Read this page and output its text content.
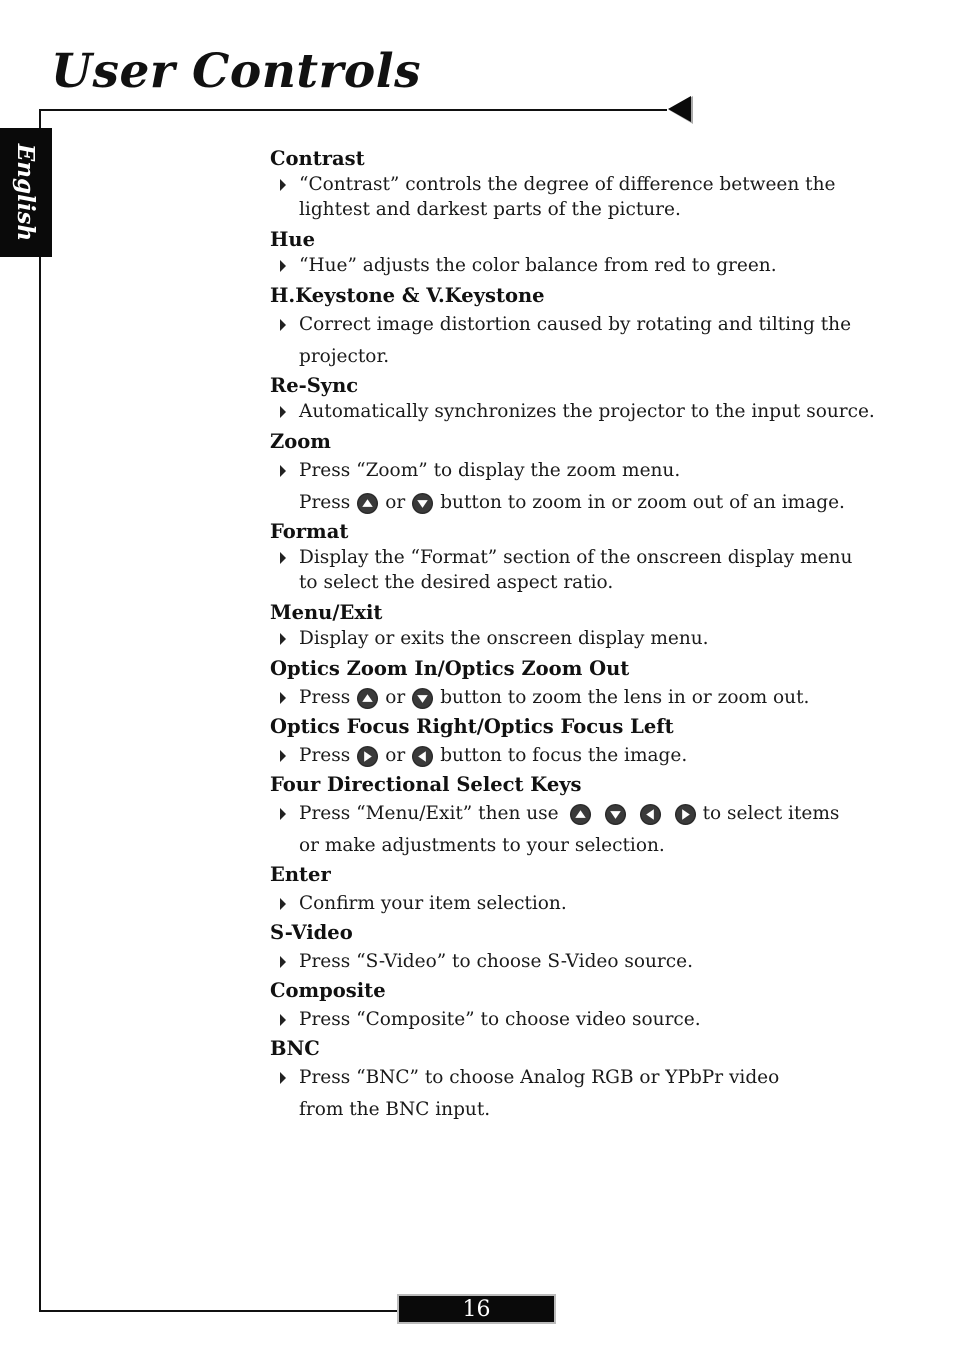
User Controls
English	Contrast
“Contrast” controls the degree of difference between the
lightest and darkest parts of the picture.
Hue
“Hue” adjusts the color balance from red to green.
H.Keystone & V.Keystone
Correct image distortion caused by rotating and tilting the
projector.
Re-Sync
Automatically synchronizes the projector to the input source.
Zoom
Press “Zoom” to display the zoom menu.
Press or button to zoom in or zoom out of an image.
Format
Display the “Format” section of the onscreen display menu
to select the desired aspect ratio.
Menu/Exit
Display or exits the onscreen display menu.
Optics Zoom In/Optics Zoom Out
Press or button to zoom the lens in or zoom out.
Optics Focus Right/Optics Focus Left
Press or button to focus the image.
Four Directional Select Keys
Press “Menu/Exit” then use	to select items
or make adjustments to your selection.
Enter
Confirm your item selection.
S-Video
Press “S-Video” to choose S-Video source.
Composite
Press “Composite” to choose video source.
BNC
Press “BNC” to choose Analog RGB or YPbPr video
from the BNC input.
16
